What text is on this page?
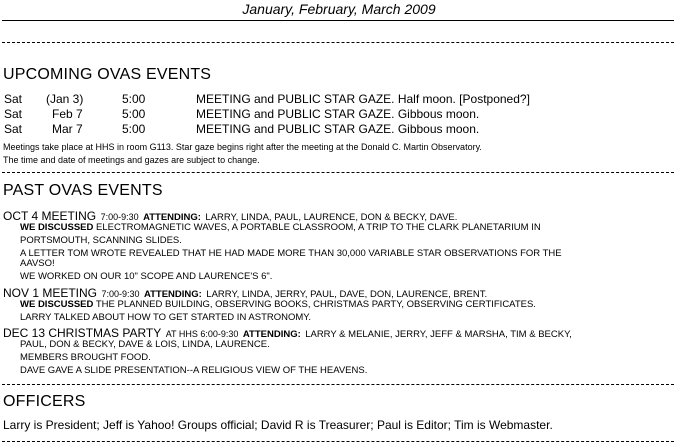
January, February, March 2009
UPCOMING OVAS EVENTS
Sat (Jan 3)	5:00	MEETING and PUBLIC STAR GAZE. Half moon. [Postponed?]
Sat Feb 7	5:00	MEETING and PUBLIC STAR GAZE. Gibbous moon.
Sat Mar 7	5:00	MEETING and PUBLIC STAR GAZE. Gibbous moon.
Meetings take place at HHS in room G113. Star gaze begins right after the meeting at the Donald C. Martin Observatory.
The time and date of meetings and gazes are subject to change.
PAST OVAS EVENTS
OCT 4 MEETING 7:00-9:30 ATTENDING: LARRY, LINDA, PAUL, LAURENCE, DON & BECKY, DAVE.
WE DISCUSSED ELECTROMAGNETIC WAVES, A PORTABLE CLASSROOM, A TRIP TO THE CLARK PLANETARIUM IN
PORTSMOUTH, SCANNING SLIDES.
A LETTER TOM WROTE REVEALED THAT HE HAD MADE MORE THAN 30,000 VARIABLE STAR OBSERVATIONS FOR THE
AAVSO!
WE WORKED ON OUR 10" SCOPE AND LAURENCE'S 6".
NOV 1 MEETING 7:00-9:30 ATTENDING: LARRY, LINDA, JERRY, PAUL, DAVE, DON, LAURENCE, BRENT.
WE DISCUSSED THE PLANNED BUILDING, OBSERVING BOOKS, CHRISTMAS PARTY, OBSERVING CERTIFICATES.
LARRY TALKED ABOUT HOW TO GET STARTED IN ASTRONOMY.
DEC 13 CHRISTMAS PARTY AT HHS 6:00-9:30 ATTENDING: LARRY & MELANIE, JERRY, JEFF & MARSHA, TIM & BECKY,
PAUL, DON & BECKY, DAVE & LOIS, LINDA, LAURENCE.
MEMBERS BROUGHT FOOD.
DAVE GAVE A SLIDE PRESENTATION--A RELIGIOUS VIEW OF THE HEAVENS.
OFFICERS
Larry is President; Jeff is Yahoo! Groups official; David R is Treasurer; Paul is Editor; Tim is Webmaster.
